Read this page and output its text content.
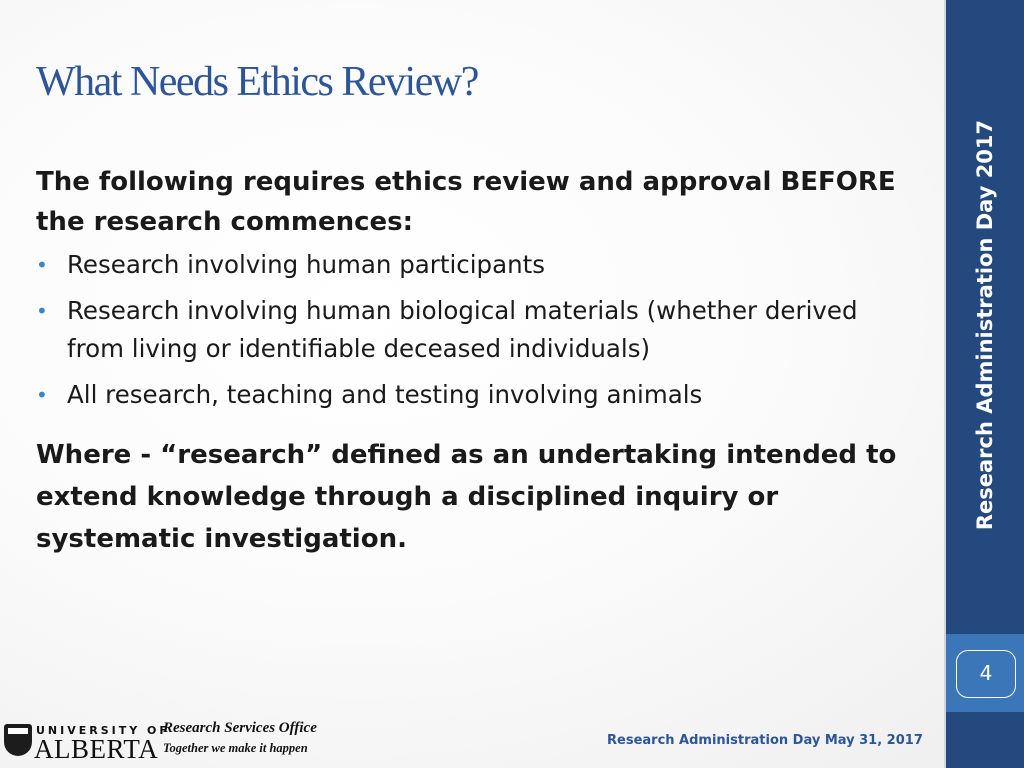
What Needs Ethics Review?
The following requires ethics review and approval BEFORE the research commences:
• Research involving human participants
• Research involving human biological materials (whether derived from living or identifiable deceased individuals)
• All research, teaching and testing involving animals
Where - “research” defined as an undertaking intended to extend knowledge through a disciplined inquiry or systematic investigation.
Research Administration Day 2017
4
UNIVERSITY OF
ALBERTA
Research Services Office
Together we make it happen	Research Administration Day May 31, 2017
